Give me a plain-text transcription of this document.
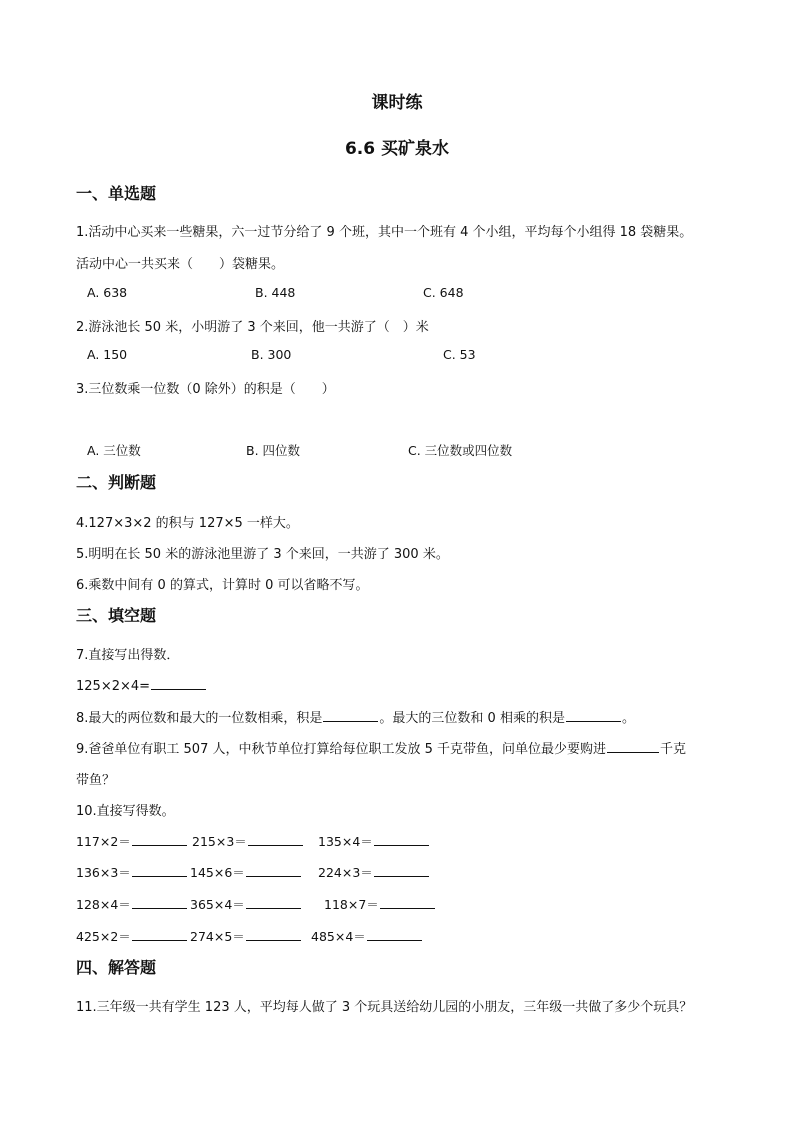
课时练
6.6 买矿泉水
一、单选题
1.活动中心买来一些糖果，六一过节分给了 9 个班，其中一个班有 4 个小组，平均每个小组得 18 袋糖果。
活动中心一共买来（　　）袋糖果。
A. 638	B. 448	C. 648
2.游泳池长 50 米，小明游了 3 个来回，他一共游了（　）米
A. 150	B. 300	C. 53
3.三位数乘一位数（0 除外）的积是（　　）
A. 三位数	B. 四位数	C. 三位数或四位数
二、判断题
4.127×3×2 的积与 127×5 一样大。
5.明明在长 50 米的游泳池里游了 3 个来回，一共游了 300 米。
6.乘数中间有 0 的算式，计算时 0 可以省略不写。
三、填空题
7.直接写出得数．
125×2×4=
8.最大的两位数和最大的一位数相乘，积是	。最大的三位数和 0 相乘的积是	。
9.爸爸单位有职工 507 人，中秋节单位打算给每位职工发放 5 千克带鱼，问单位最少要购进	千克
带鱼？
10.直接写得数。
117×2＝	215×3＝	135×4＝
136×3＝	145×6＝	224×3＝
128×4＝	365×4＝	118×7＝
425×2＝	274×5＝	485×4＝
四、解答题
11.三年级一共有学生 123 人，平均每人做了 3 个玩具送给幼儿园的小朋友，三年级一共做了多少个玩具？
